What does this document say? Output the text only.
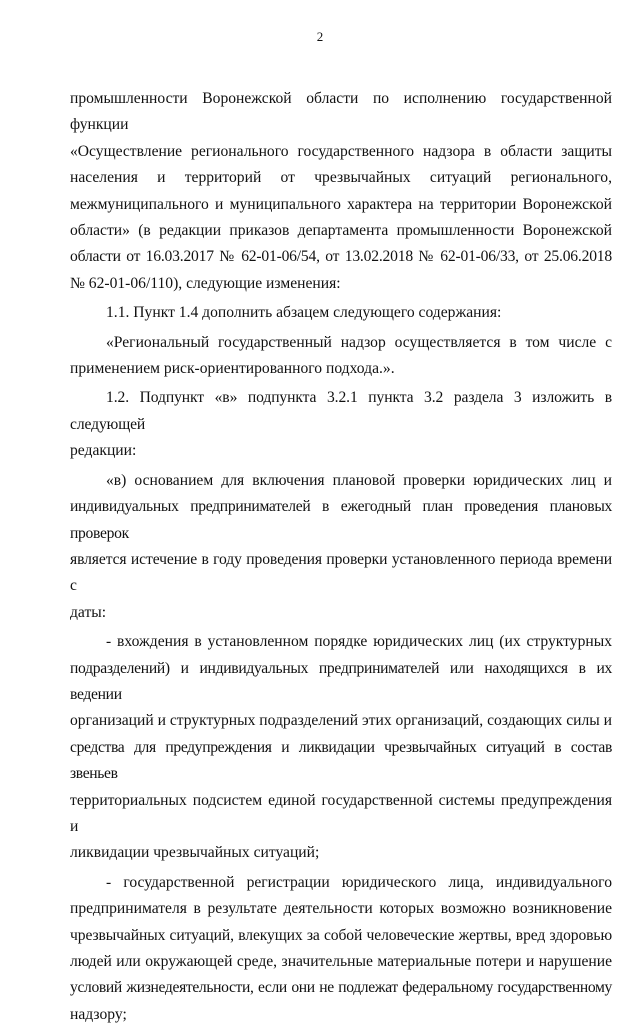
2

промышленности Воронежской области по исполнению государственной функции

«Осуществление регионального государственного надзора в области защиты

населения и территорий от чрезвычайных ситуаций регионального,

межмуниципального и муниципального характера на территории Воронежской

области» (в редакции приказов департамента промышленности Воронежской

области от 16.03.2017 № 62-01-06/54, от 13.02.2018 № 62-01-06/33, от 25.06.2018

№ 62-01-06/110), следующие изменения:

1.1. Пункт 1.4 дополнить абзацем следующего содержания:

«Региональный государственный надзор осуществляется в том числе с

применением риск-ориентированного подхода.».

1.2. Подпункт «в» подпункта 3.2.1 пункта 3.2 раздела 3 изложить в следующей

редакции:

«в) основанием для включения плановой проверки юридических лиц и

индивидуальных предпринимателей в ежегодный план проведения плановых проверок

является истечение в году проведения проверки установленного периода времени с

даты:

- вхождения в установленном порядке юридических лиц (их структурных

подразделений) и индивидуальных предпринимателей или находящихся в их ведении

организаций и структурных подразделений этих организаций, создающих силы и

средства для предупреждения и ликвидации чрезвычайных ситуаций в состав звеньев

территориальных подсистем единой государственной системы предупреждения и

ликвидации чрезвычайных ситуаций;

- государственной регистрации юридического лица, индивидуального

предпринимателя в результате деятельности которых возможно возникновение

чрезвычайных ситуаций, влекущих за собой человеческие жертвы, вред здоровью

людей или окружающей среде, значительные материальные потери и нарушение

условий жизнедеятельности, если они не подлежат федеральному государственному

надзору;
